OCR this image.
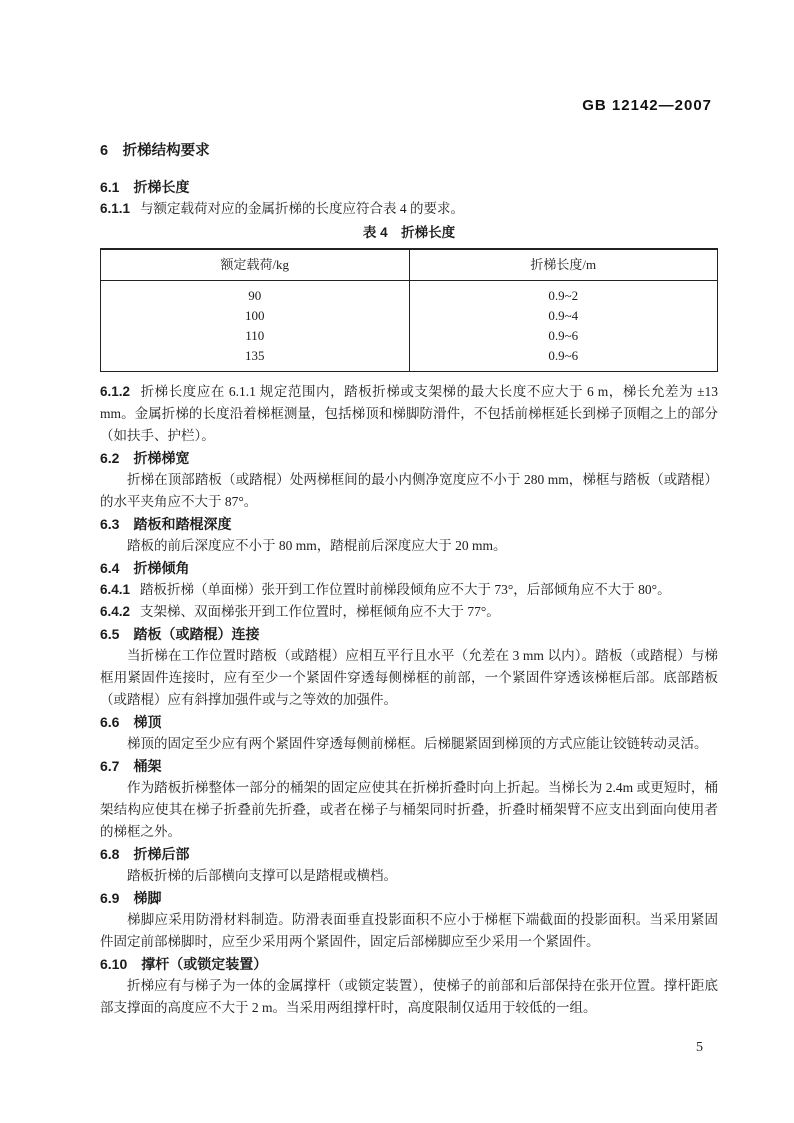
GB 12142—2007
6　折梯结构要求
6.1　折梯长度

6.1.1 与额定载荷对应的金属折梯的长度应符合表 4 的要求。

表 4　折梯长度
额定载荷/kg	折梯长度/m
90	0.9~2
100	0.9~4
110	0.9~6
135	0.9~6

6.1.2 折梯长度应在 6.1.1 规定范围内，踏板折梯或支架梯的最大长度不应大于 6 m，梯长允差为 ±13 mm。金属折梯的长度沿着梯框测量，包括梯顶和梯脚防滑件，不包括前梯框延长到梯子顶帽之上的部分（如扶手、护栏）。

6.2　折梯梯宽

折梯在顶部踏板（或踏棍）处两梯框间的最小内侧净宽度应不小于 280 mm，梯框与踏板（或踏棍）的水平夹角应不大于 87°。

6.3　踏板和踏棍深度

踏板的前后深度应不小于 80 mm，踏棍前后深度应大于 20 mm。

6.4　折梯倾角

6.4.1 踏板折梯（单面梯）张开到工作位置时前梯段倾角应不大于 73°，后部倾角应不大于 80°。

6.4.2 支架梯、双面梯张开到工作位置时，梯框倾角应不大于 77°。

6.5　踏板（或踏棍）连接

当折梯在工作位置时踏板（或踏棍）应相互平行且水平（允差在 3 mm 以内）。踏板（或踏棍）与梯框用紧固件连接时，应有至少一个紧固件穿透每侧梯框的前部，一个紧固件穿透该梯框后部。底部踏板（或踏棍）应有斜撑加强件或与之等效的加强件。

6.6　梯顶

梯顶的固定至少应有两个紧固件穿透每侧前梯框。后梯腿紧固到梯顶的方式应能让铰链转动灵活。

6.7　桶架

作为踏板折梯整体一部分的桶架的固定应使其在折梯折叠时向上折起。当梯长为 2.4m 或更短时，桶架结构应使其在梯子折叠前先折叠，或者在梯子与桶架同时折叠，折叠时桶架臂不应支出到面向使用者的梯框之外。

6.8　折梯后部

踏板折梯的后部横向支撑可以是踏棍或横档。

6.9　梯脚

梯脚应采用防滑材料制造。防滑表面垂直投影面积不应小于梯框下端截面的投影面积。当采用紧固件固定前部梯脚时，应至少采用两个紧固件，固定后部梯脚应至少采用一个紧固件。

6.10　撑杆（或锁定装置）

折梯应有与梯子为一体的金属撑杆（或锁定装置），使梯子的前部和后部保持在张开位置。撑杆距底部支撑面的高度应不大于 2 m。当采用两组撑杆时，高度限制仅适用于较低的一组。

5
